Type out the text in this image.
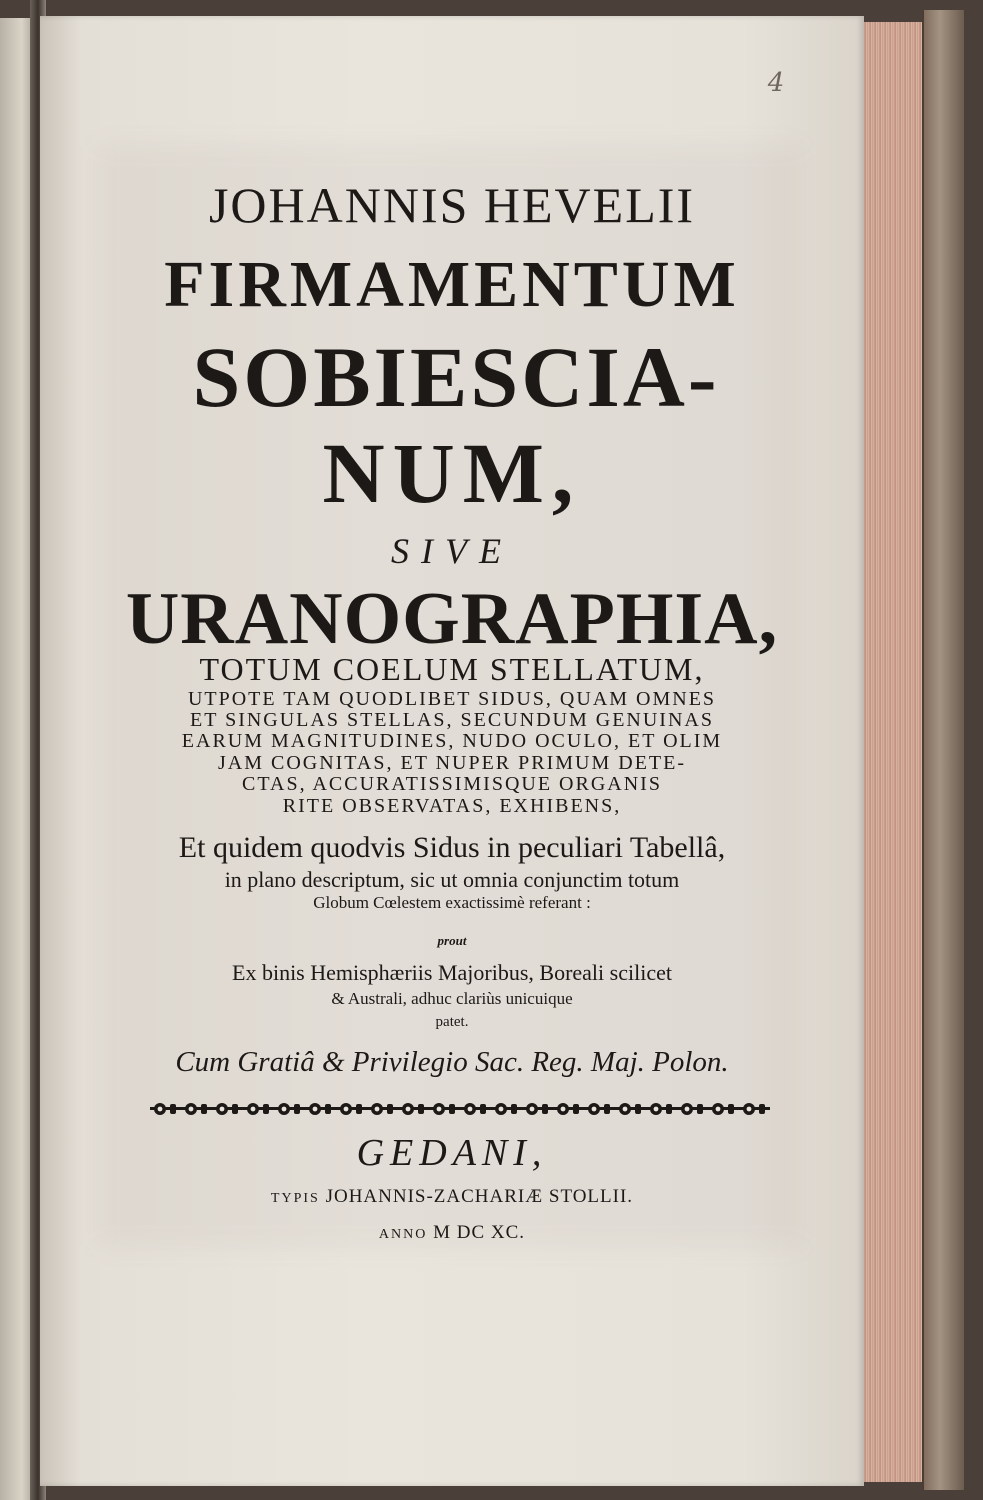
4

JOHANNIS HEVELII

FIRMAMENTUM

SOBIESCIA-

NUM,

SIVE

URANOGRAPHIA,

TOTUM COELUM STELLATUM,

UTPOTE TAM QUODLIBET SIDUS, QUAM OMNES

ET SINGULAS STELLAS, SECUNDUM GENUINAS

EARUM MAGNITUDINES, NUDO OCULO, ET OLIM

JAM COGNITAS, ET NUPER PRIMUM DETE-

CTAS, ACCURATISSIMISQUE ORGANIS

RITE OBSERVATAS, EXHIBENS,

Et quidem quodvis Sidus in peculiari Tabellâ,

in plano descriptum, sic ut omnia conjunctim totum

Globum Cœlestem exactissimè referant :

prout

Ex binis Hemisphæriis Majoribus, Boreali scilicet

& Australi, adhuc clariùs unicuique

patet.

Cum Gratiâ & Privilegio Sac. Reg. Maj. Polon.

GEDANI,

TYPIS JOHANNIS-ZACHARIÆ STOLLII.

ANNO M DC XC.
